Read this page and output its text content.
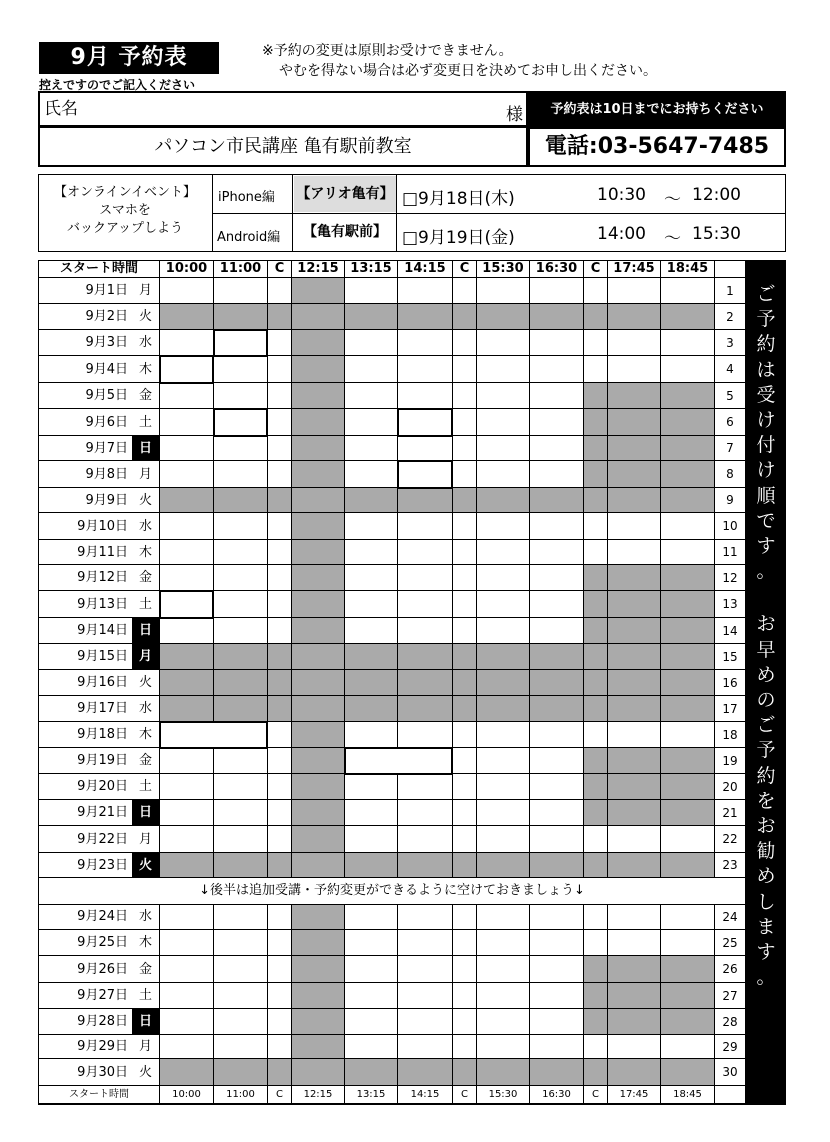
9月 予約表
控えですのでご記入ください
※予約の変更は原則お受けできません。
やむを得ない場合は必ず変更日を決めてお申し出ください。
氏名	様	予約表は10日までにお持ちください
パソコン市民講座 亀有駅前教室	電話:03-5647-7485
【オンラインイベント】
スマホを
バックアップしよう
iPhone編 【アリオ亀有】 □9月18日(木)	10:30 ～ 12:00
Android編	【亀有駅前】 □9月19日(金)	14:00 ～ 15:30
スタート時間	10:00 11:00	C	12:15 13:15 14:15	C	15:30 16:30	C	17:45 18:45
9月1日 月	1
9月2日 火	2
9月3日 水	3
9月4日 木	4
9月5日 金	5
9月6日 土	6
9月7日 日	7
9月8日 月	8
9月9日 火	9
9月10日 水	10
9月11日 木	11
9月12日 金	12
9月13日 土	13
9月14日 日	14
9月15日 月	15
9月16日 火	16
9月17日 水	17
9月18日 木	18
9月19日 金	19
9月20日 土	20
9月21日 日	21
9月22日 月	22
9月23日 火	23
9月24日 水	24
9月25日 木	25
9月26日 金	26
9月27日 土	27
9月28日 日	28
9月29日 月	29
9月30日 火	30
↓後半は追加受講・予約変更ができるように空けておきましょう↓
スタート時間	10:00	11:00	C	12:15	13:15	14:15	C	15:30	16:30	C	17:45	18:45
ご
予
約
は
受
け
付
け
順
で
す
。

お
早
め
の
ご
予
約
を
お
勧
め
し
ま
す
。
